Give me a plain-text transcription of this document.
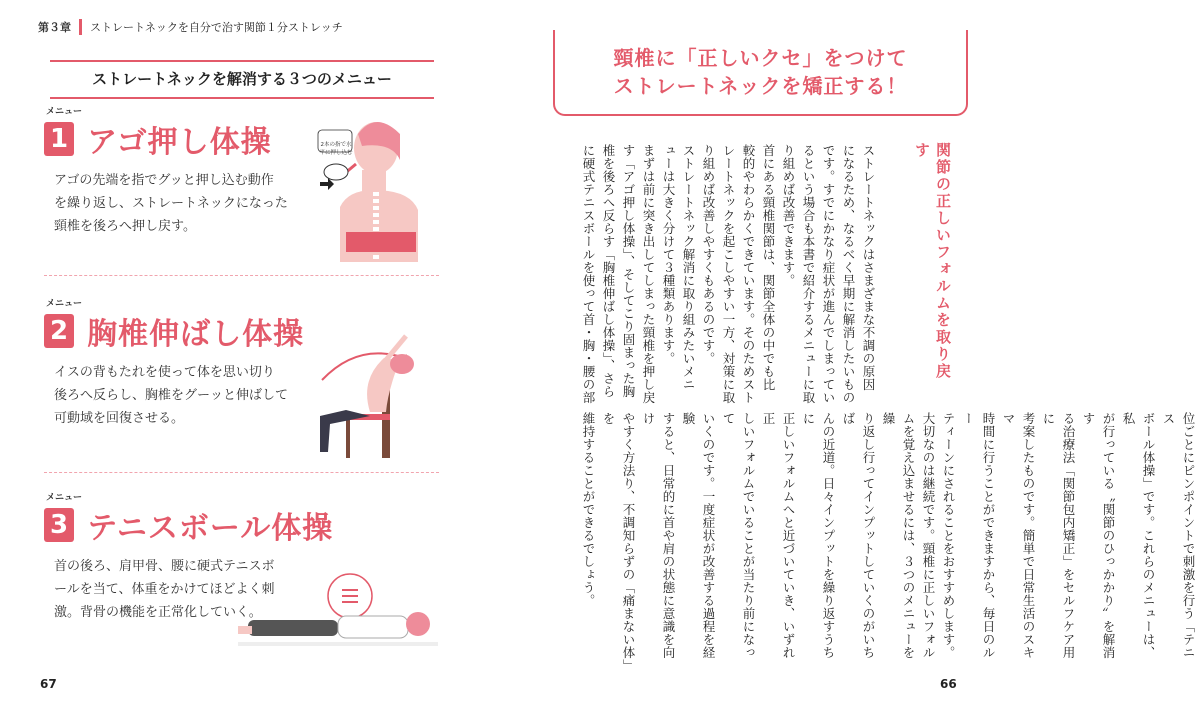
第３章 ストレートネックを自分で治す関節１分ストレッチ
ストレートネックを解消する３つのメニュー
メニュー
1 アゴ押し体操
アゴの先端を指でグッと押し込む動作
を繰り返し、ストレートネックになった
頸椎を後ろへ押し戻す。
2本の指で水平に押し込む
メニュー
2 胸椎伸ばし体操
イスの背もたれを使って体を思い切り
後ろへ反らし、胸椎をグーッと伸ばして
可動域を回復させる。
メニュー
3 テニスボール体操
首の後ろ、肩甲骨、腰に硬式テニスボ
ールを当て、体重をかけてほどよく刺
激。背骨の機能を正常化していく。
67
頸椎に「正しいクセ」をつけて
ストレートネックを矯正する！
関節の正しいフォルムを取り戻す
ストレートネックはさまざまな不調の原因
になるため、なるべく早期に解消したいもの
です。すでにかなり症状が進んでしまってい
るという場合も本書で紹介するメニューに取
り組めば改善できます。
首にある頸椎関節は、関節全体の中でも比
較的やわらかくできています。そのためスト
レートネックを起こしやすい一方、対策に取
り組めば改善しやすくもあるのです。
ストレートネック解消に取り組みたいメニ
ューは大きく分けて３種類あります。
まずは前に突き出してしまった頸椎を押し戻
す「アゴ押し体操」、そしてこり固まった胸
椎を後ろへ反らす「胸椎伸ばし体操」、さら
に硬式テニスボールを使って首・胸・腰の部
位ごとにピンポイントで刺激を行う「テニス
ボール体操」です。これらのメニューは、私
が行っている〝関節のひっかかり〟を解消す
る治療法「関節包内矯正」をセルフケア用に
考案したものです。簡単で日常生活のスキマ
時間に行うことができますから、毎日のルー
ティーンにされることをおすすめします。
大切なのは継続です。頸椎に正しいフォル
ムを覚え込ませるには、３つのメニューを繰
り返し行ってインプットしていくのがいちば
んの近道。日々インプットを繰り返すうちに
正しいフォルムへと近づいていき、いずれ正
しいフォルムでいることが当たり前になって
いくのです。一度症状が改善する過程を経験
すると、日常的に首や肩の状態に意識を向け
やすく方法り、不調知らずの「痛まない体」を
維持することができるでしょう。
66
